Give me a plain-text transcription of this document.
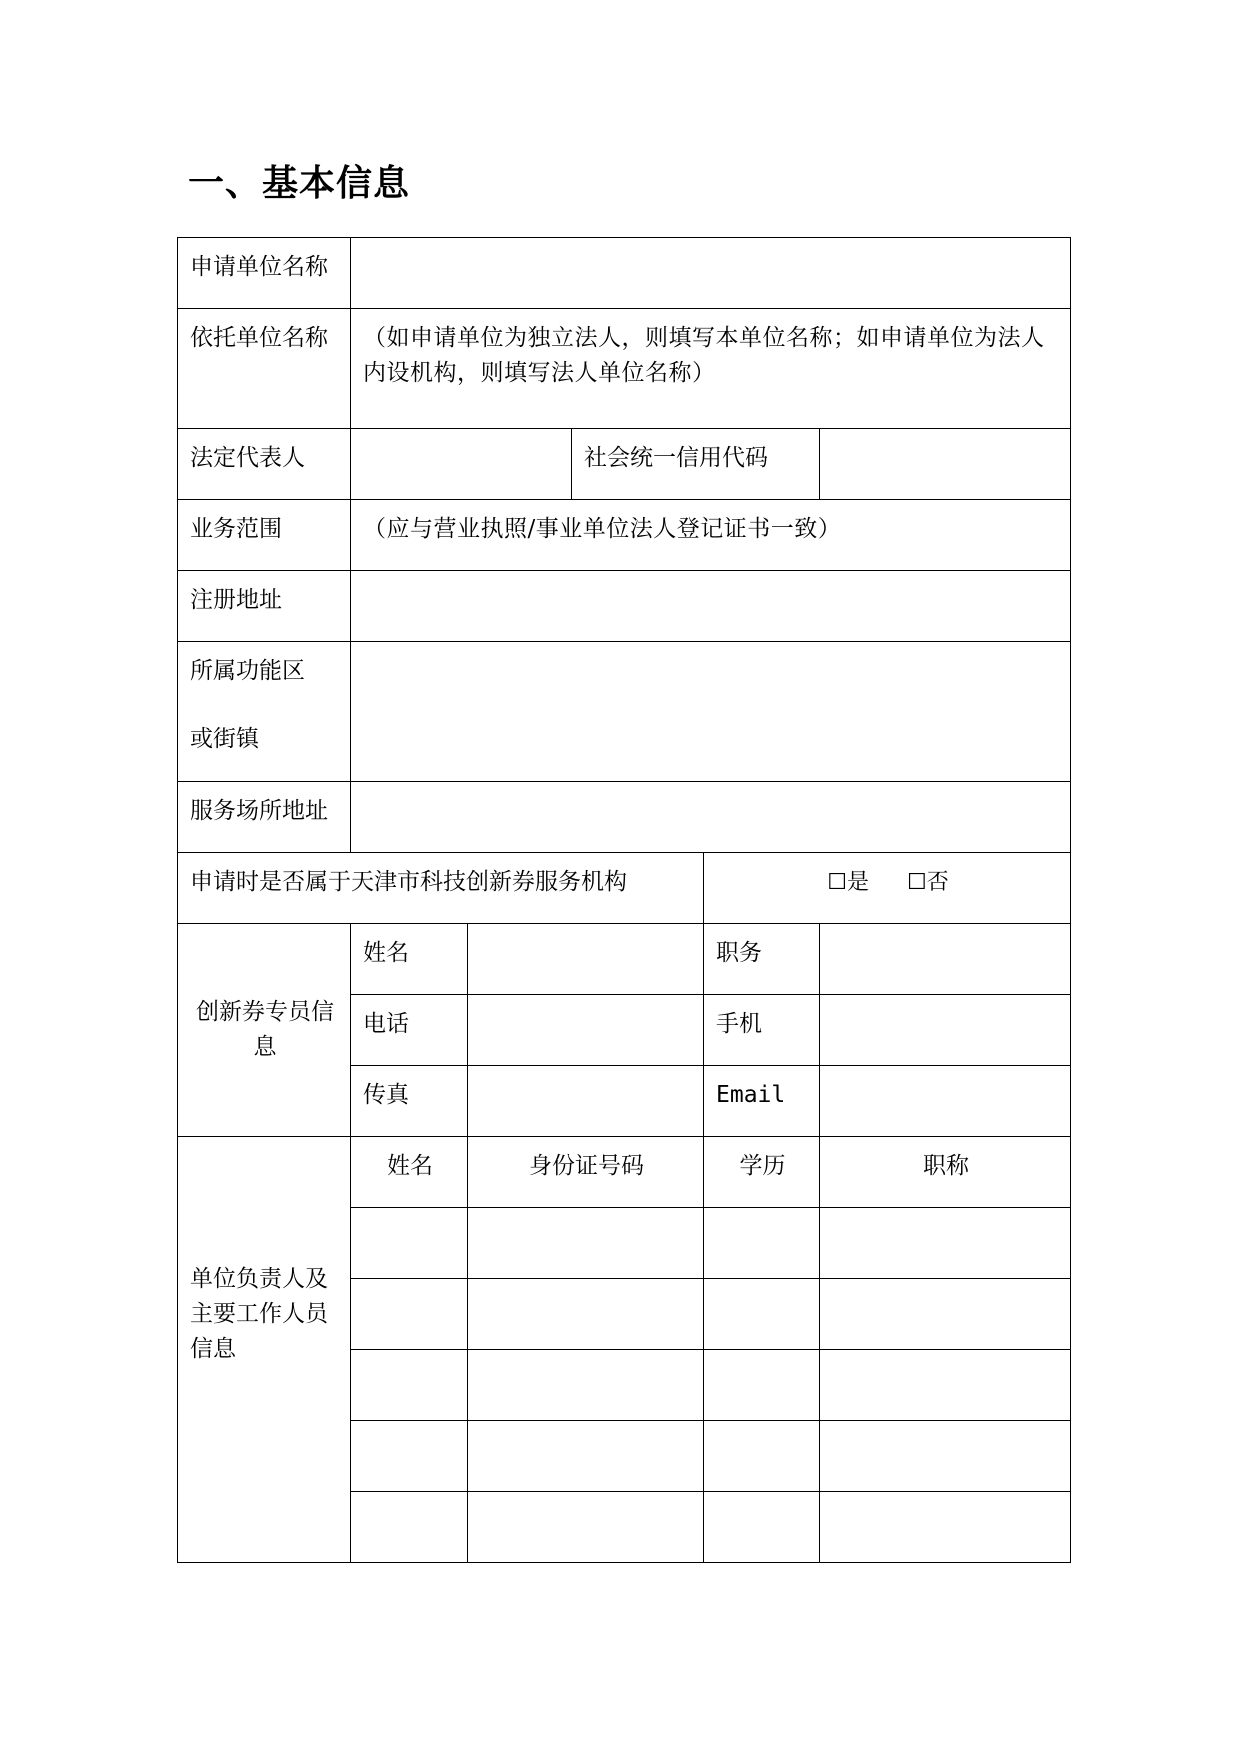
一、基本信息
申请单位名称					
依托单位名称	（如申请单位为独立法人，则填写本单位名称；如申请单位为法人内设机构，则填写法人单位名称）				
法定代表人			社会统一信用代码		
业务范围	（应与营业执照/事业单位法人登记证书一致）				
注册地址					

所属功能区
或街镇					

服务场所地址					
申请时是否属于天津市科技创新券服务机构				☐是 ☐否	
创新券专员信息	姓名			职务	
	电话			手机	
	传真			Email	

单位负责人及主要工作人员信息	姓名	身份证号码		学历	职称
